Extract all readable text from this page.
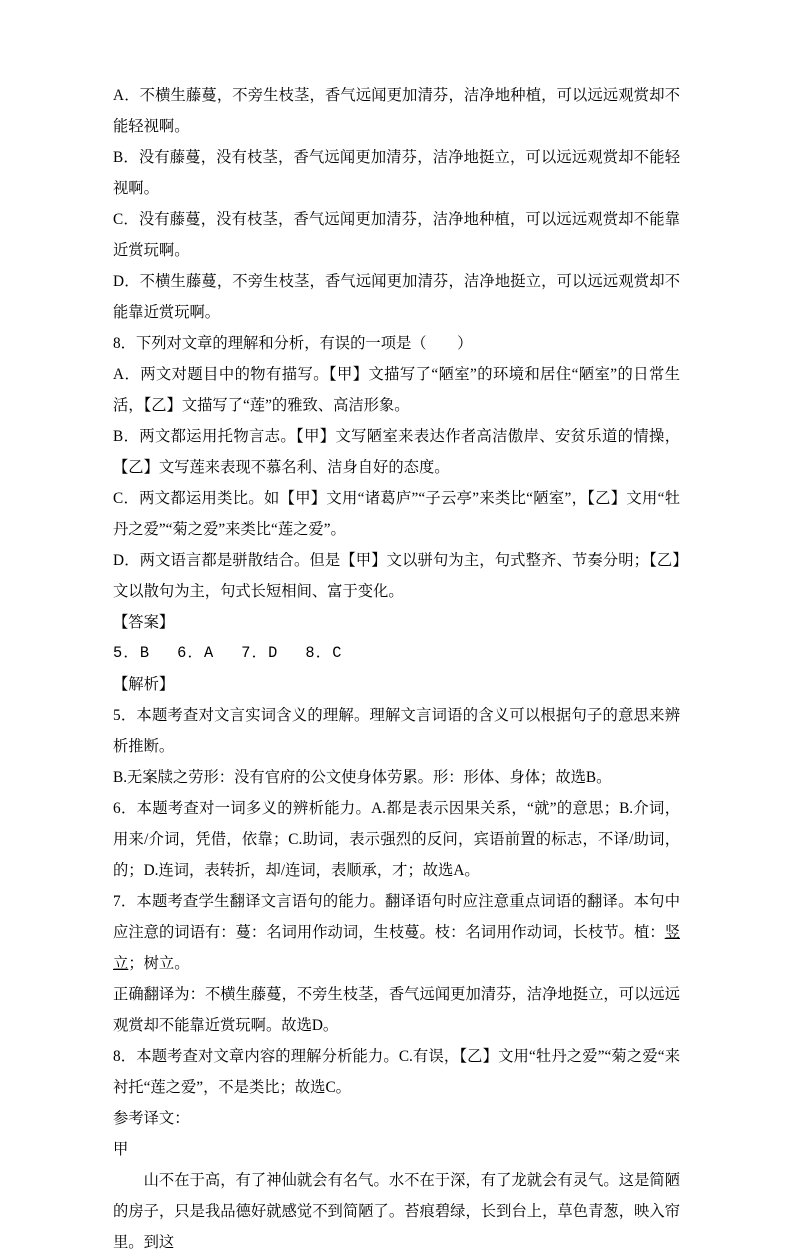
A．不横生藤蔓，不旁生枝茎，香气远闻更加清芬，洁净地种植，可以远远观赏却不能轻视啊。
B．没有藤蔓，没有枝茎，香气远闻更加清芬，洁净地挺立，可以远远观赏却不能轻视啊。
C．没有藤蔓，没有枝茎，香气远闻更加清芬，洁净地种植，可以远远观赏却不能靠近赏玩啊。
D．不横生藤蔓，不旁生枝茎，香气远闻更加清芬，洁净地挺立，可以远远观赏却不能靠近赏玩啊。
8．下列对文章的理解和分析，有误的一项是（　　）
A．两文对题目中的物有描写。【甲】文描写了“陋室”的环境和居住“陋室”的日常生活，【乙】文描写了“莲”的雅致、高洁形象。
B．两文都运用托物言志。【甲】文写陋室来表达作者高洁傲岸、安贫乐道的情操，【乙】文写莲来表现不慕名利、洁身自好的态度。
C．两文都运用类比。如【甲】文用“诸葛庐”“子云亭”来类比“陋室”，【乙】文用“牡丹之爱”“菊之爱”来类比“莲之爱”。
D．两文语言都是骈散结合。但是【甲】文以骈句为主，句式整齐、节奏分明；【乙】文以散句为主，句式长短相间、富于变化。
【答案】
5．B　 6．A　 7．D　 8．C
【解析】
5．本题考查对文言实词含义的理解。理解文言词语的含义可以根据句子的意思来辨析推断。
B.无案牍之劳形：没有官府的公文使身体劳累。形：形体、身体；故选B。
6．本题考查对一词多义的辨析能力。A.都是表示因果关系，“就”的意思；B.介词，用来/介词，凭借，依靠；C.助词，表示强烈的反问，宾语前置的标志，不译/助词，的；D.连词，表转折，却/连词，表顺承，才；故选A。
7．本题考查学生翻译文言语句的能力。翻译语句时应注意重点词语的翻译。本句中应注意的词语有：蔓：名词用作动词，生枝蔓。枝：名词用作动词，长枝节。植：竖立；树立。
正确翻译为：不横生藤蔓，不旁生枝茎，香气远闻更加清芬，洁净地挺立，可以远远观赏却不能靠近赏玩啊。故选D。
8．本题考查对文章内容的理解分析能力。C.有误，【乙】文用“牡丹之爱”“菊之爱“来衬托“莲之爱”，不是类比；故选C。
参考译文：
甲
山不在于高，有了神仙就会有名气。水不在于深，有了龙就会有灵气。这是简陋的房子，只是我品德好就感觉不到简陋了。苔痕碧绿，长到台上，草色青葱，映入帘里。到这
